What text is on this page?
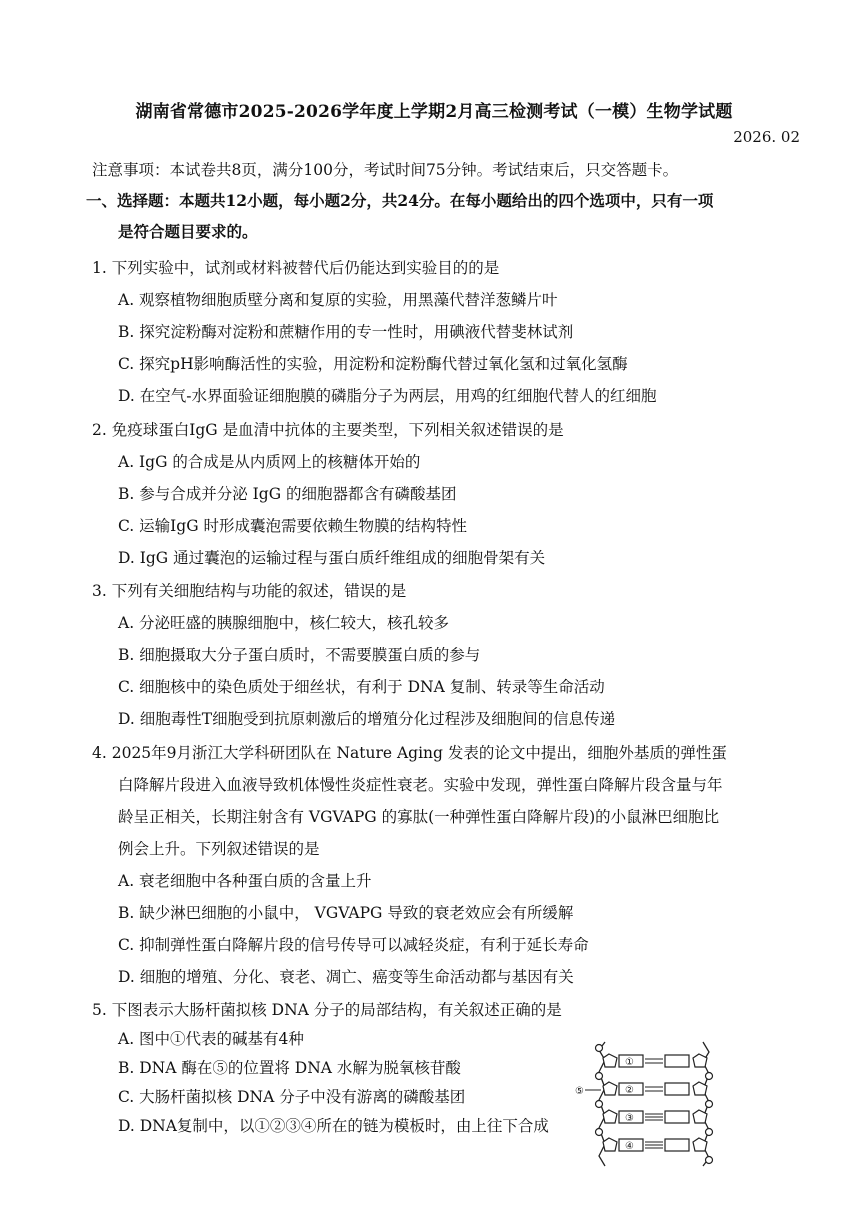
湖南省常德市2025-2026学年度上学期2月高三检测考试（一模）生物学试题
2026. 02
注意事项：本试卷共8页，满分100分，考试时间75分钟。考试结束后，只交答题卡。
一、选择题：本题共12小题，每小题2分，共24分。在每小题给出的四个选项中，只有一项
是符合题目要求的。
1. 下列实验中，试剂或材料被替代后仍能达到实验目的的是
A. 观察植物细胞质壁分离和复原的实验，用黑藻代替洋葱鳞片叶
B. 探究淀粉酶对淀粉和蔗糖作用的专一性时，用碘液代替斐林试剂
C. 探究pH影响酶活性的实验，用淀粉和淀粉酶代替过氧化氢和过氧化氢酶
D. 在空气-水界面验证细胞膜的磷脂分子为两层，用鸡的红细胞代替人的红细胞
2. 免疫球蛋白IgG 是血清中抗体的主要类型，下列相关叙述错误的是
A. IgG 的合成是从内质网上的核糖体开始的
B. 参与合成并分泌 IgG 的细胞器都含有磷酸基团
C. 运输IgG 时形成囊泡需要依赖生物膜的结构特性
D. IgG 通过囊泡的运输过程与蛋白质纤维组成的细胞骨架有关
3. 下列有关细胞结构与功能的叙述，错误的是
A. 分泌旺盛的胰腺细胞中，核仁较大，核孔较多
B. 细胞摄取大分子蛋白质时，不需要膜蛋白质的参与
C. 细胞核中的染色质处于细丝状，有利于 DNA 复制、转录等生命活动
D. 细胞毒性T细胞受到抗原刺激后的增殖分化过程涉及细胞间的信息传递
4. 2025年9月浙江大学科研团队在 Nature Aging 发表的论文中提出，细胞外基质的弹性蛋
白降解片段进入血液导致机体慢性炎症性衰老。实验中发现，弹性蛋白降解片段含量与年
龄呈正相关，长期注射含有 VGVAPG 的寡肽(一种弹性蛋白降解片段)的小鼠淋巴细胞比
例会上升。下列叙述错误的是
A. 衰老细胞中各种蛋白质的含量上升
B. 缺少淋巴细胞的小鼠中， VGVAPG 导致的衰老效应会有所缓解
C. 抑制弹性蛋白降解片段的信号传导可以减轻炎症，有利于延长寿命
D. 细胞的增殖、分化、衰老、凋亡、癌变等生命活动都与基因有关
5. 下图表示大肠杆菌拟核 DNA 分子的局部结构，有关叙述正确的是
A. 图中①代表的碱基有4种
B. DNA 酶在⑤的位置将 DNA 水解为脱氧核苷酸
C. 大肠杆菌拟核 DNA 分子中没有游离的磷酸基团
D. DNA复制中，以①②③④所在的链为模板时，由上往下合成
①
②
③
④
⑤
